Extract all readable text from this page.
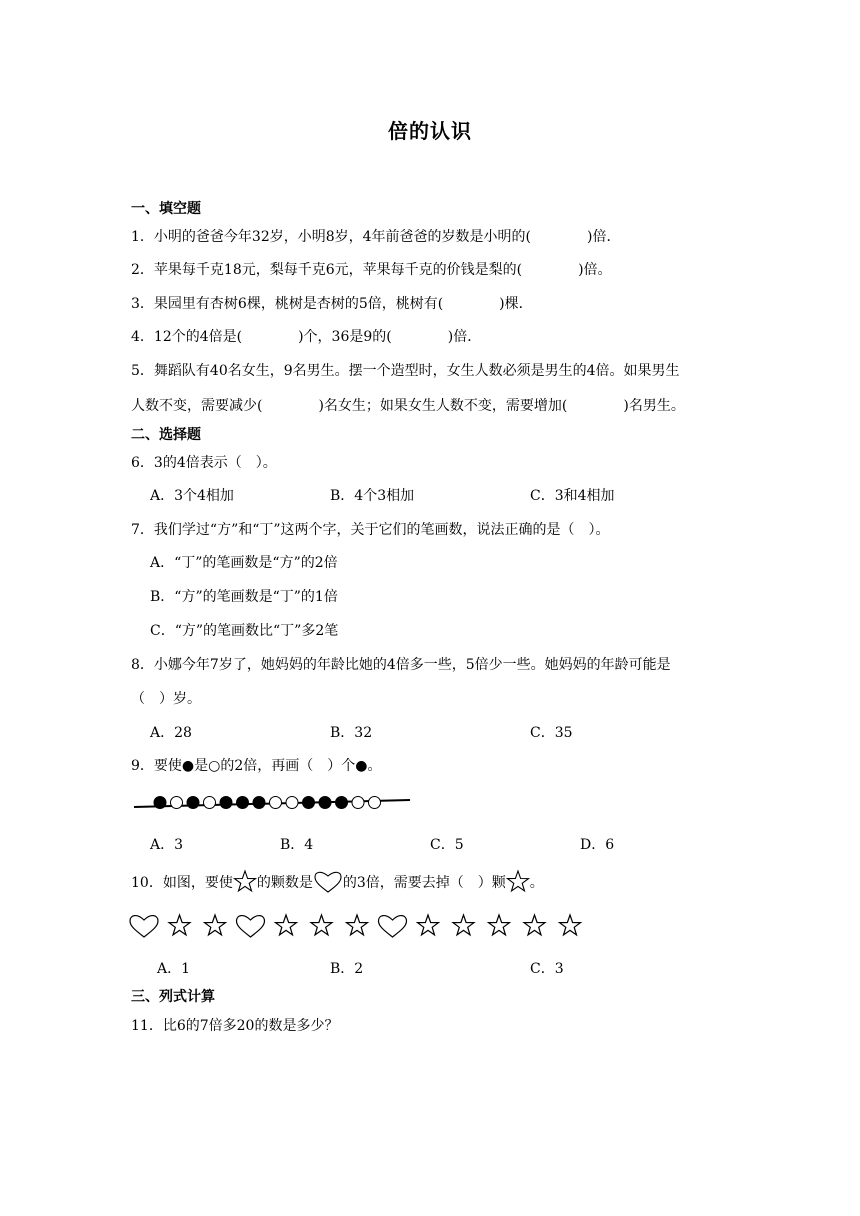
倍的认识
一、填空题
1．小明的爸爸今年32岁，小明8岁，4年前爸爸的岁数是小明的(　　　　)倍．
2．苹果每千克18元，梨每千克6元，苹果每千克的价钱是梨的(　　　　)倍。
3．果园里有杏树6棵，桃树是杏树的5倍，桃树有(　　　　)棵．
4．12个的4倍是(　　　　)个，36是9的(　　　　)倍．
5．舞蹈队有40名女生，9名男生。摆一个造型时，女生人数必须是男生的4倍。如果男生
人数不变，需要减少(　　　　)名女生；如果女生人数不变，需要增加(　　　　)名男生。
二、选择题
6．3的4倍表示（　）。
A．3个4相加	B．4个3相加	C．3和4相加
7．我们学过“方”和“丁”这两个字，关于它们的笔画数，说法正确的是（　）。
A．“丁”的笔画数是“方”的2倍
B．“方”的笔画数是“丁”的1倍
C．“方”的笔画数比“丁”多2笔
8．小娜今年7岁了，她妈妈的年龄比她的4倍多一些，5倍少一些。她妈妈的年龄可能是
（　）岁。
A．28	B．32	C．35
9．要使●是○的2倍，再画（　）个●。
A．3	B．4	C．5	D．6
10．如图，要使 的颗数是 的3倍，需要去掉（　）颗 。
A．1	B．2	C．3
三、列式计算
11．比6的7倍多20的数是多少？
